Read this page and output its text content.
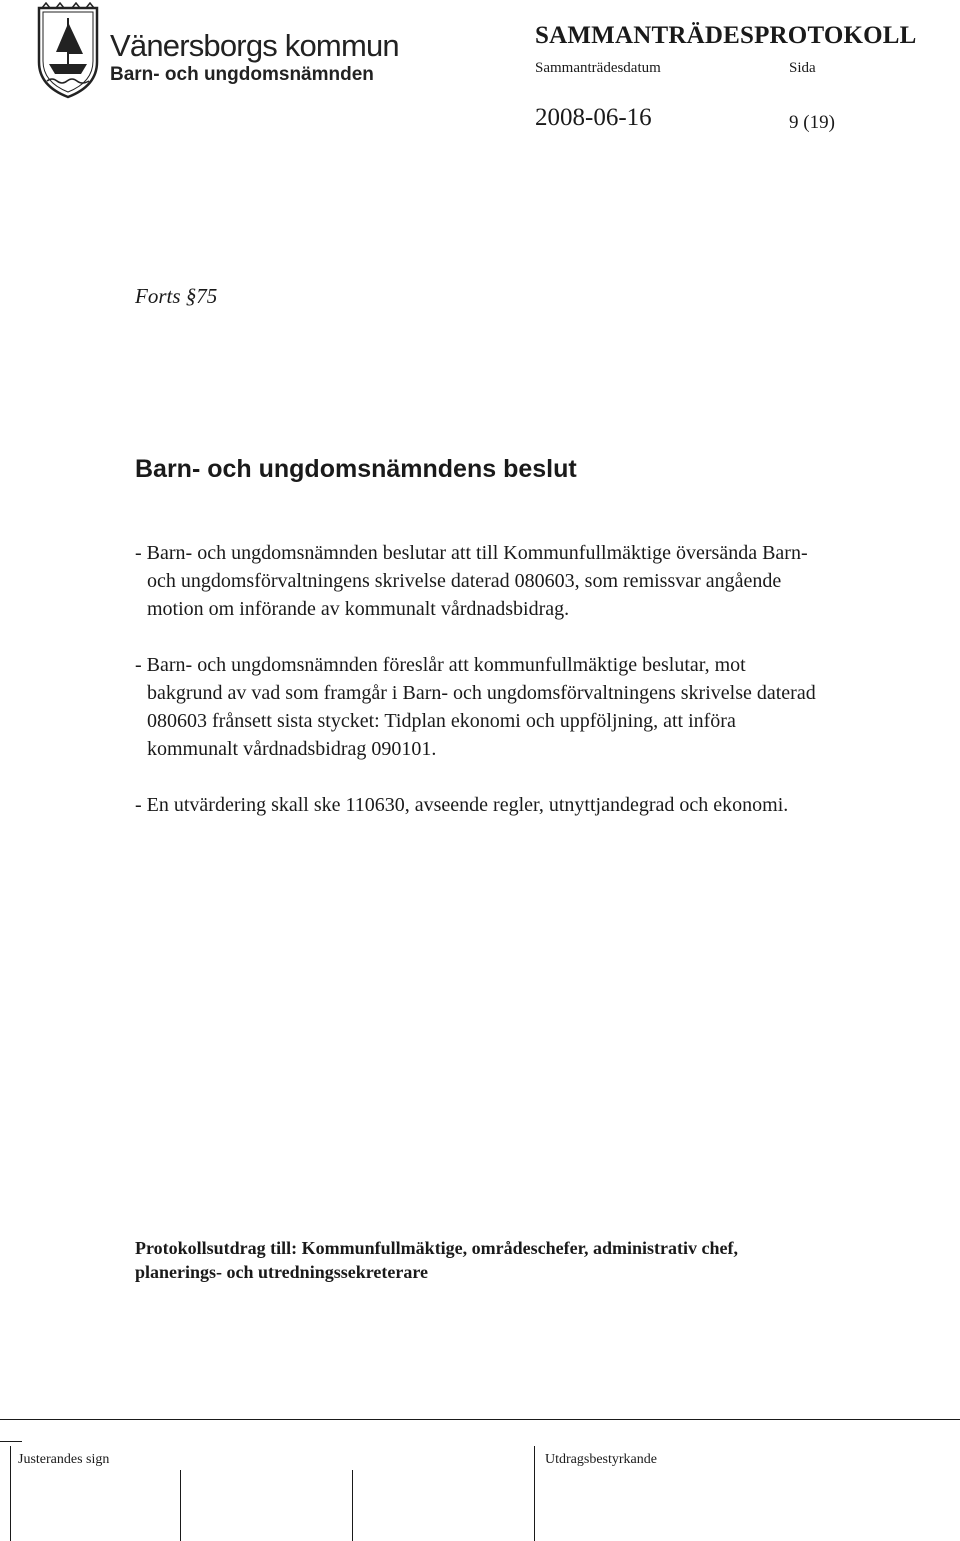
Vänersborgs kommun
Barn- och ungdomsnämnden
SAMMANTRÄDESPROTOKOLL
Sammanträdesdatum	Sida
2008-06-16	9 (19)
Forts §75
Barn- och ungdomsnämndens beslut
- Barn- och ungdomsnämnden beslutar att till Kommunfullmäktige översända Barn-
och ungdomsförvaltningens skrivelse daterad 080603, som remissvar angående
motion om införande av kommunalt vårdnadsbidrag.
- Barn- och ungdomsnämnden föreslår att kommunfullmäktige beslutar, mot
bakgrund av vad som framgår i Barn- och ungdomsförvaltningens skrivelse daterad
080603 frånsett sista stycket: Tidplan ekonomi och uppföljning, att införa
kommunalt vårdnadsbidrag 090101.
- En utvärdering skall ske 110630, avseende regler, utnyttjandegrad och ekonomi.
Protokollsutdrag till: Kommunfullmäktige, områdeschefer, administrativ chef,
planerings- och utredningssekreterare
Justerandes sign	Utdragsbestyrkande
